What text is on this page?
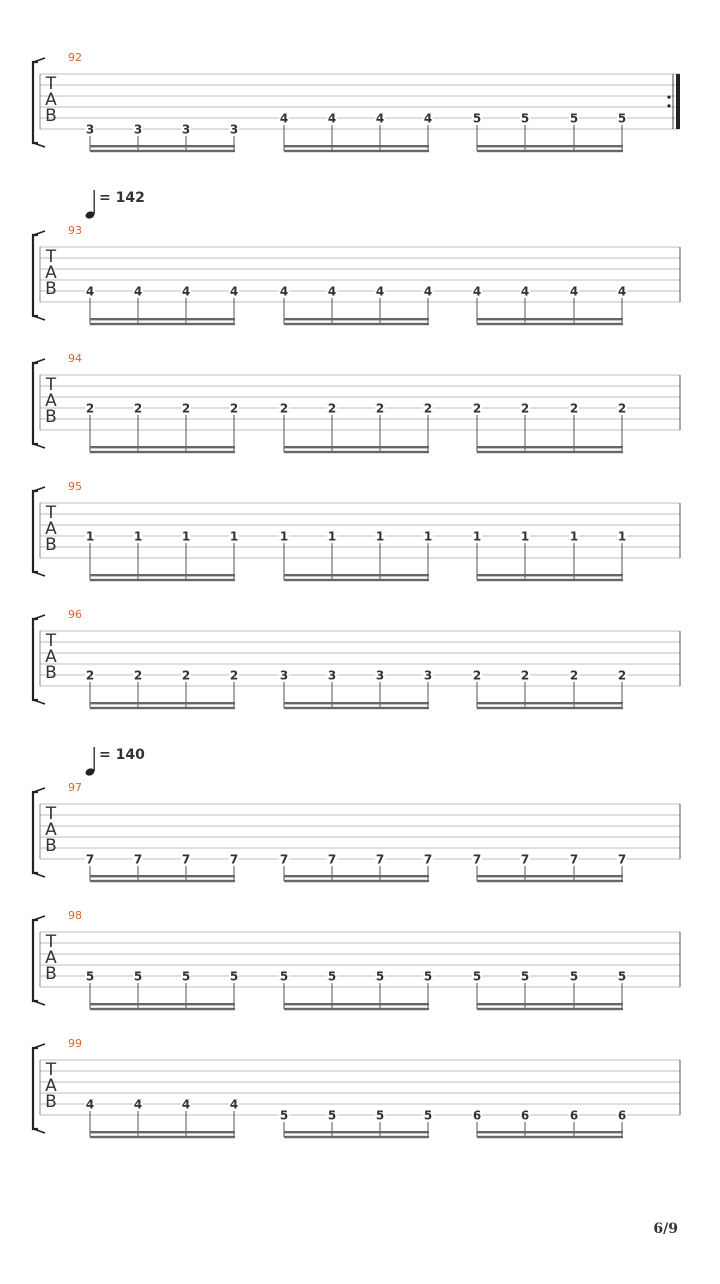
T
A
B
92
3	3	3	3
4	4	4	4	5	5	5	5
T
A
B
93
= 142
4	4	4	4	4	4	4	4	4	4	4	4
T
A
B
94
2	2	2	2	2	2	2	2	2	2	2	2
T
A
B
95
1	1	1	1	1	1	1	1	1	1	1	1
T
A
B
96
2	2	2	2	3	3	3	3	2	2	2	2
T
A
B
97
= 140
7	7	7	7	7	7	7	7	7	7	7	7
T
A
B
98
5	5	5	5	5	5	5	5	5	5	5	5
T
A
B
99
4	4	4	4
5	5	5	5	6	6	6	6
6/9
